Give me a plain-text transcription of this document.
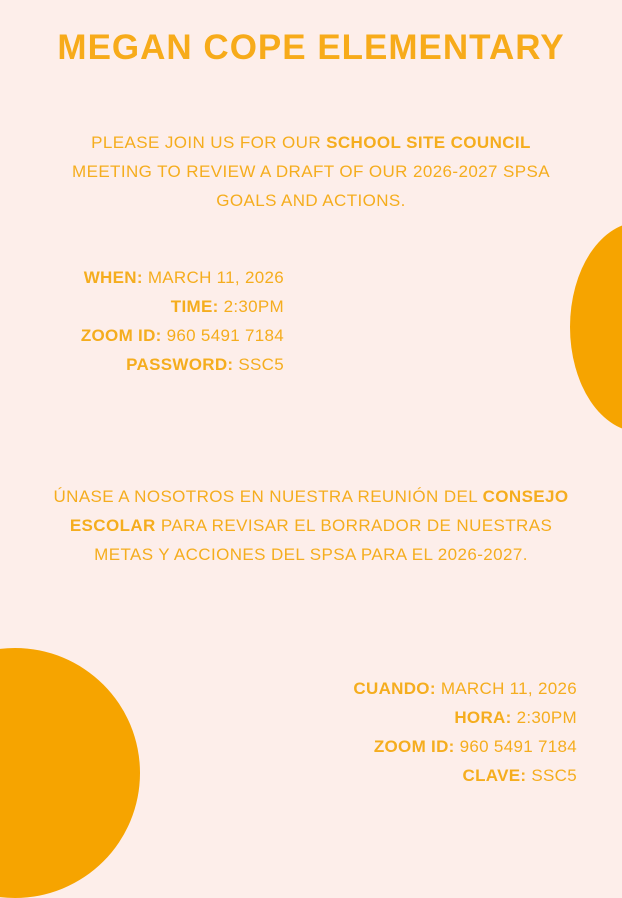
MEGAN COPE ELEMENTARY

PLEASE JOIN US FOR OUR SCHOOL SITE COUNCIL
MEETING TO REVIEW A DRAFT OF OUR 2026-2027 SPSA
GOALS AND ACTIONS.

WHEN: MARCH 11, 2026
TIME: 2:30PM
ZOOM ID: 960 5491 7184
PASSWORD: SSC5

ÚNASE A NOSOTROS EN NUESTRA REUNIÓN DEL CONSEJO
ESCOLAR PARA REVISAR EL BORRADOR DE NUESTRAS
METAS Y ACCIONES DEL SPSA PARA EL 2026-2027.

CUANDO: MARCH 11, 2026
HORA: 2:30PM
ZOOM ID: 960 5491 7184
CLAVE: SSC5
